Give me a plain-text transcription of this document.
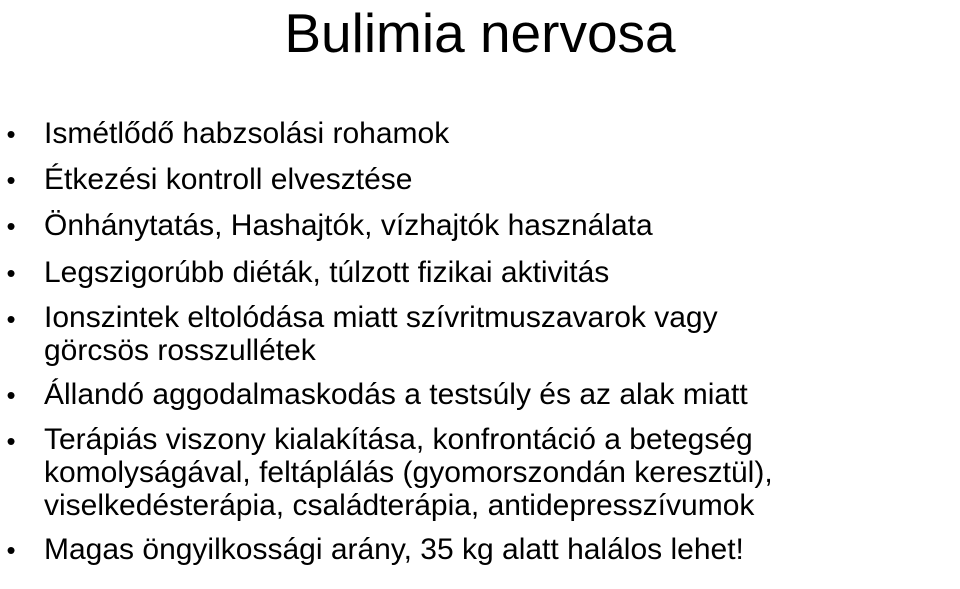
Bulimia nervosa
• Ismétlődő habzsolási rohamok
• Étkezési kontroll elvesztése
• Önhánytatás, Hashajtók, vízhajtók használata
• Legszigorúbb diéták, túlzott fizikai aktivitás
• Ionszintek eltolódása miatt szívritmuszavarok vagy
görcsös rosszullétek
• Állandó aggodalmaskodás a testsúly és az alak miatt
• Terápiás viszony kialakítása, konfrontáció a betegség
komolyságával, feltáplálás (gyomorszondán keresztül),
viselkedésterápia, családterápia, antidepresszívumok
• Magas öngyilkossági arány, 35 kg alatt halálos lehet!
